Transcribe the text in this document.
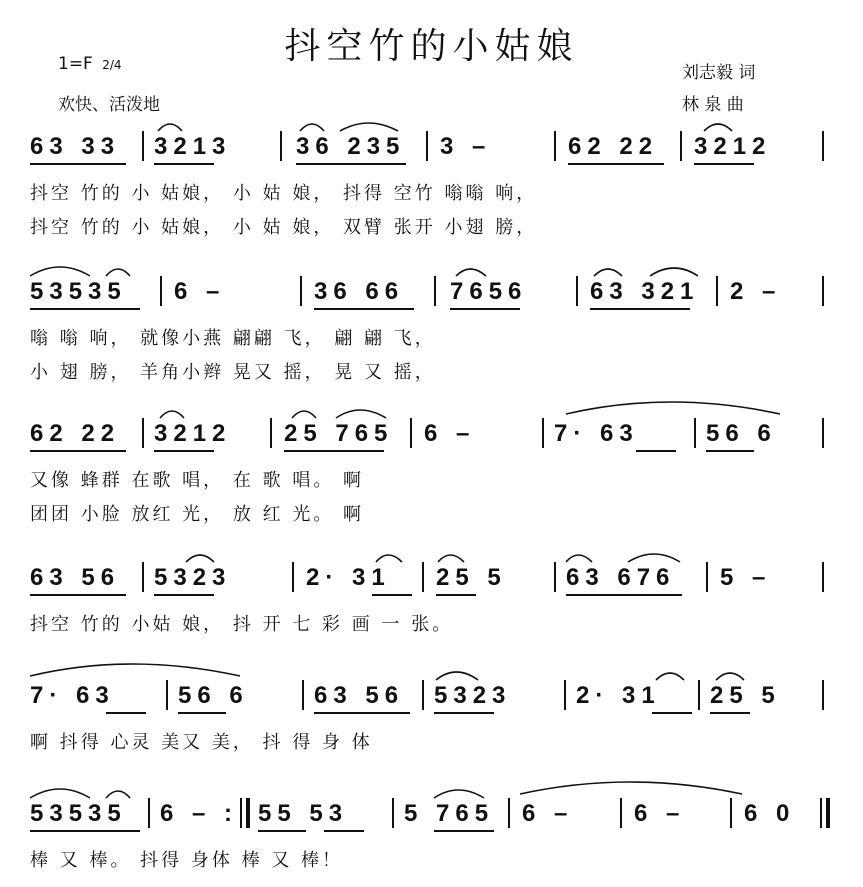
抖空竹的小姑娘
1=F 2/4
欢快、活泼地
刘志毅 词
林 泉 曲
63 33 3213	36 235 3 –	62 22 3212
抖空 竹的 小 姑娘， 小 姑 娘， 抖得 空竹 嗡嗡 响，
抖空 竹的 小 姑娘， 小 姑 娘， 双臂 张开 小翅 膀，
53535 6 –	36 66 7656	63 321 2 –
嗡 嗡 响， 就像小燕 翩翩 飞， 翩 翩 飞，
小 翅 膀， 羊角小辫 晃又 摇， 晃 又 摇，
62 22 3212 25 765 6 –	7· 63	56 6
又像 蜂群 在歌 唱， 在 歌 唱。 啊
团团 小脸 放红 光， 放 红 光。 啊
63 56 5323	2· 31 25 5 63 676 5 –
抖空 竹的 小姑 娘， 抖 开 七 彩 画 一 张。
7· 63	56 6	63 56 5323	2· 31 25 5
啊 抖得 心灵 美又 美， 抖 得 身 体
53535 6 – : 55 53 5 765 6 –	6 – 6 0
棒 又 棒。 抖得 身体 棒 又 棒！
